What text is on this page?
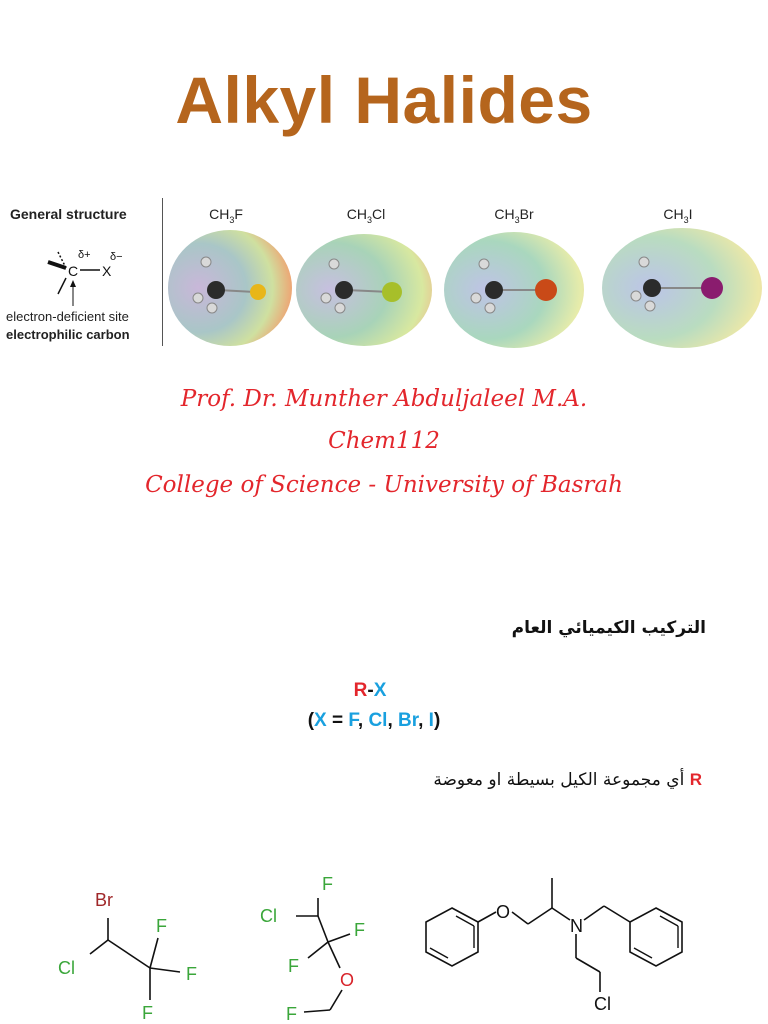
Alkyl Halides
General structure
C X
δ+ δ−
electron-deficient site
electrophilic carbon
$CH_3F$	$CH_3Cl$	$CH_3Br$	$CH_3I$
Prof. Dr. Munther Abduljaleel M.A.
Chem112
College of Science - University of Basrah
التركيب الكيميائي العام
R-X
(X = F, Cl, Br, I)
R أي مجموعة الكيل بسيطة او معوضة
Br
Cl
F
F
F
F
Cl
F
F
O
F
O
N
Cl
